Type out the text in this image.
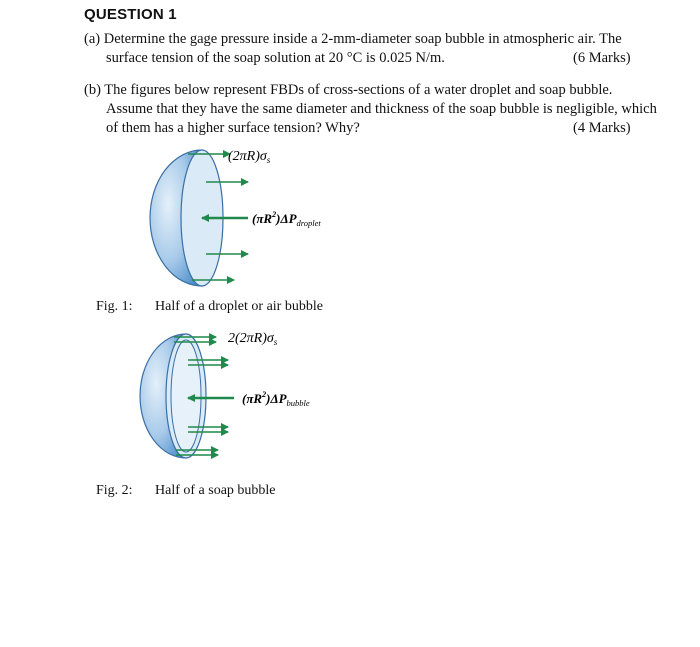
QUESTION 1
(a) Determine the gage pressure inside a 2-mm-diameter soap bubble in atmospheric air. The
surface tension of the soap solution at 20 °C is 0.025 N/m.	(6 Marks)
(b) The figures below represent FBDs of cross-sections of a water droplet and soap bubble.
Assume that they have the same diameter and thickness of the soap bubble is negligible, which
of them has a higher surface tension? Why?	(4 Marks)
$(2\pi R)\sigma_s$
$(\pi R^2)\Delta P_{droplet}$
Fig. 1: Half of a droplet or air bubble
$2(2\pi R)\sigma_s$
$(\pi R^2)\Delta P_{bubble}$
Fig. 2: Half of a soap bubble
